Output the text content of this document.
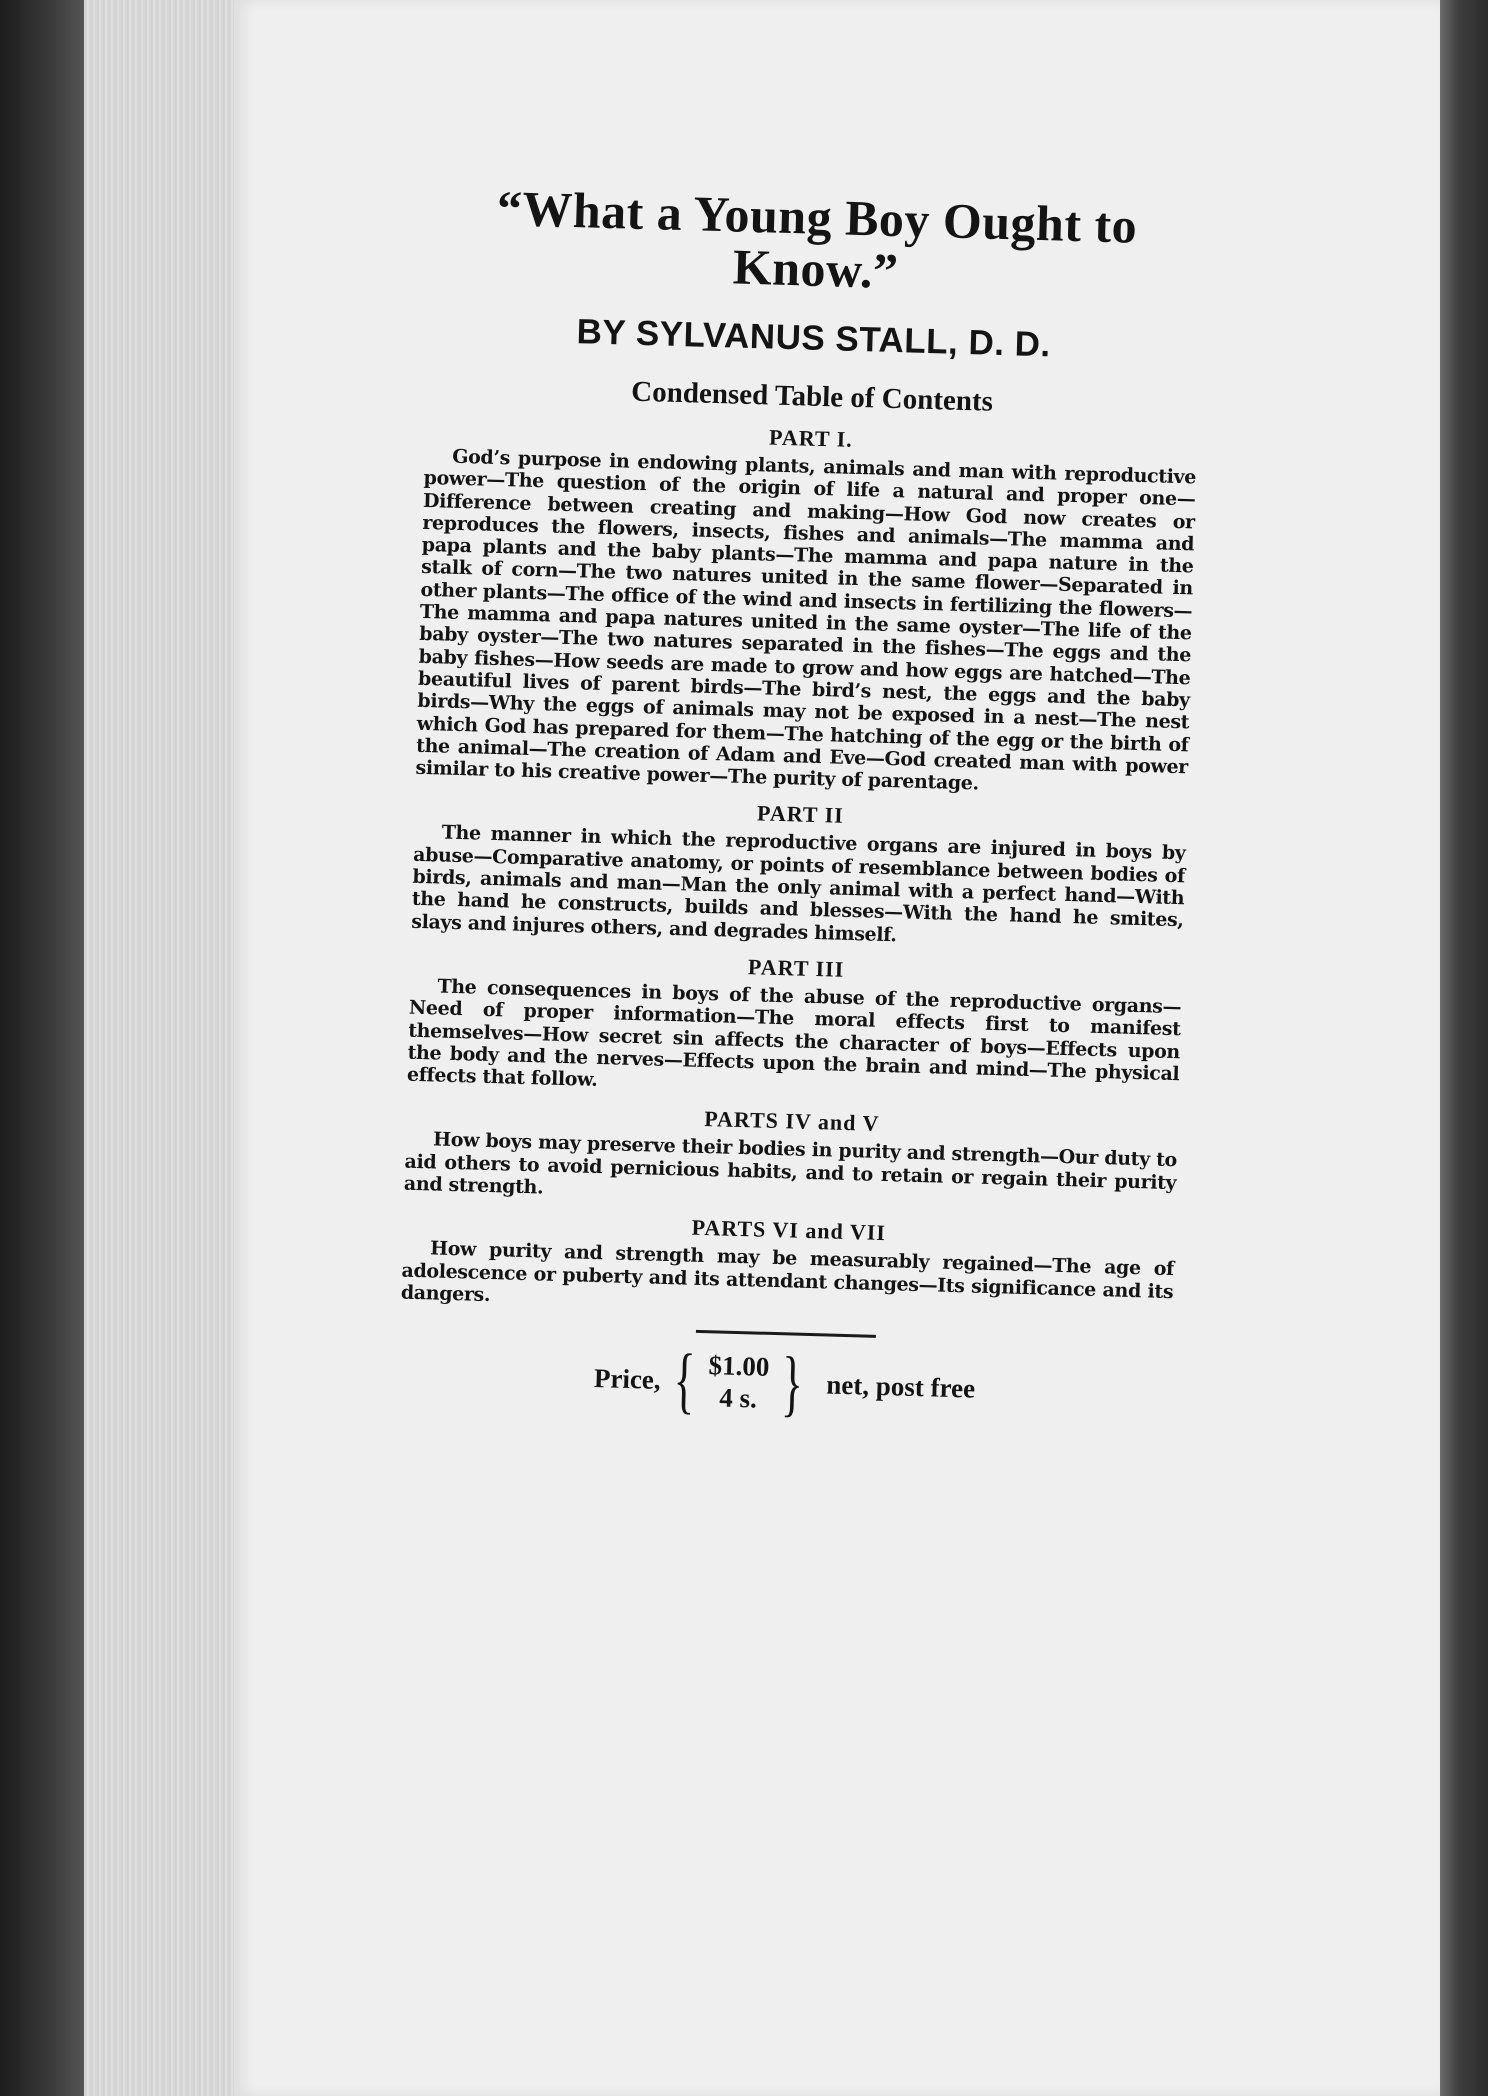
“What a Young Boy Ought to Know.”
BY SYLVANUS STALL, D. D.
Condensed Table of Contents
PART I.

God’s purpose in endowing plants, animals and man with reproductive power—The question of the origin of life a natural and proper one—Difference between creating and making—How God now creates or reproduces the flowers, insects, fishes and animals—The mamma and papa plants and the baby plants—The mamma and papa nature in the stalk of corn—The two natures united in the same flower—Separated in other plants—The office of the wind and insects in fertilizing the flowers—The mamma and papa natures united in the same oyster—The life of the baby oyster—The two natures separated in the fishes—The eggs and the baby fishes—How seeds are made to grow and how eggs are hatched—The beautiful lives of parent birds—The bird’s nest, the eggs and the baby birds—Why the eggs of animals may not be exposed in a nest—The nest which God has prepared for them—The hatching of the egg or the birth of the animal—The creation of Adam and Eve—God created man with power similar to his creative power—The purity of parentage.

PART II

The manner in which the reproductive organs are injured in boys by abuse—Comparative anatomy, or points of resemblance between bodies of birds, animals and man—Man the only animal with a perfect hand—With the hand he constructs, builds and blesses—With the hand he smites, slays and injures others, and degrades himself.

PART III

The consequences in boys of the abuse of the reproductive organs—Need of proper information—The moral effects first to manifest themselves—How secret sin affects the character of boys—Effects upon the body and the nerves—Effects upon the brain and mind—The physical effects that follow.

PARTS IV and V

How boys may preserve their bodies in purity and strength—Our duty to aid others to avoid pernicious habits, and to retain or regain their purity and strength.

PARTS VI and VII

How purity and strength may be measurably regained—The age of adolescence or puberty and its attendant changes—Its significance and its dangers.

Price, { $1.00
4 s. } net, post free
